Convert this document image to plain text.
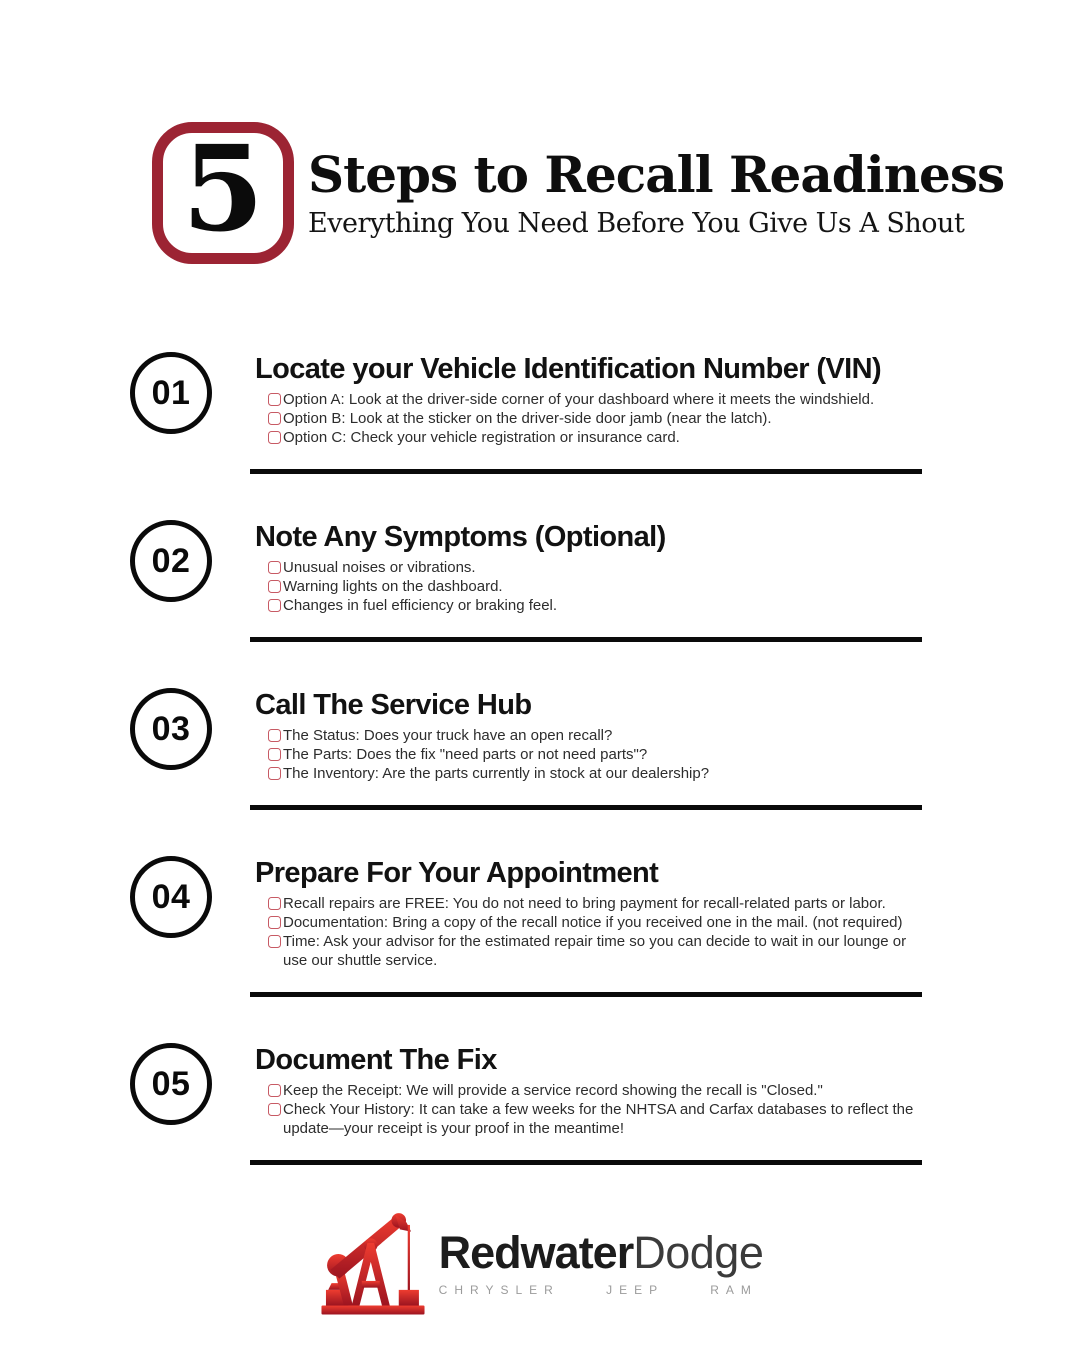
5 Steps to Recall Readiness

Everything You Need Before You Give Us A Shout

01
Locate your Vehicle Identification Number (VIN)
Option A: Look at the driver-side corner of your dashboard where it meets the windshield.
Option B: Look at the sticker on the driver-side door jamb (near the latch).
Option C: Check your vehicle registration or insurance card.
02
Note Any Symptoms (Optional)
Unusual noises or vibrations.
Warning lights on the dashboard.
Changes in fuel efficiency or braking feel.
03
Call The Service Hub
The Status: Does your truck have an open recall?
The Parts: Does the fix "need parts or not need parts"?
The Inventory: Are the parts currently in stock at our dealership?
04
Prepare For Your Appointment
Recall repairs are FREE: You do not need to bring payment for recall-related parts or labor.
Documentation: Bring a copy of the recall notice if you received one in the mail. (not required)
Time: Ask your advisor for the estimated repair time so you can decide to wait in our lounge or use our shuttle service.
05
Document The Fix
Keep the Receipt: We will provide a service record showing the recall is "Closed."
Check Your History: It can take a few weeks for the NHTSA and Carfax databases to reflect the update—your receipt is your proof in the meantime!
RedwaterDodge
CHRYSLER JEEP RAM
